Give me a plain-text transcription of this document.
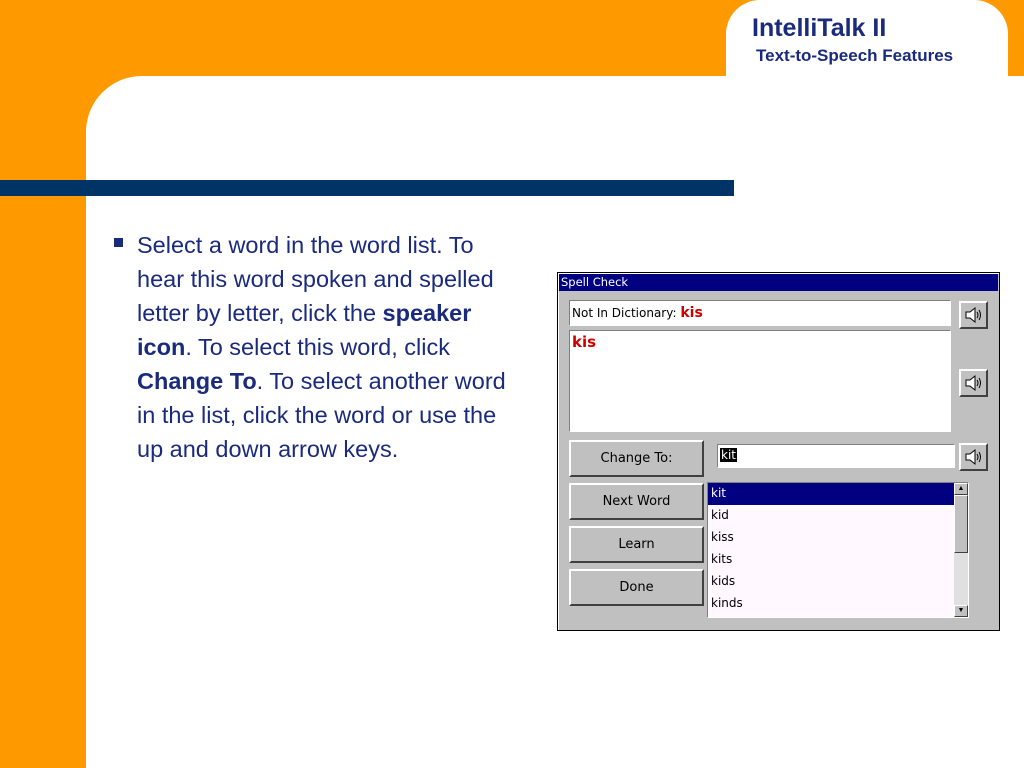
IntelliTalk II
Text-to-Speech Features
Select a word in the word list. To hear this word spoken and spelled letter by letter, click the speaker icon. To select this word, click Change To. To select another word in the list, click the word or use the up and down arrow keys.
Spell Check
Not In Dictionary: kis
kis
Change To:	kit
Next Word
Learn
Done
kit
kid
kiss
kits
kids
kinds
▲
▼
